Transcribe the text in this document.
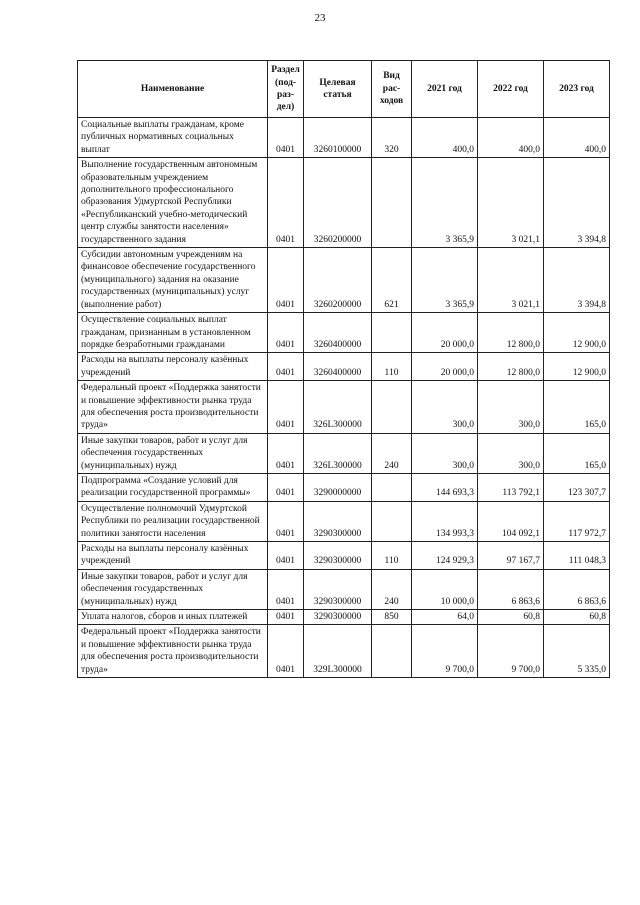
23
Наименование	Раздел (под-раз-дел)	Целевая статья	Вид рас-ходов	2021 год	2022 год	2023 год
Социальные выплаты гражданам, кроме публичных нормативных социальных выплат	0401	3260100000	320	400,0	400,0	400,0
Выполнение государственным автономным образовательным учреждением дополнительного профессионального образования Удмуртской Республики «Республиканский учебно-методический центр службы занятости населения» государственного задания	0401	3260200000		3 365,9	3 021,1	3 394,8
Субсидии автономным учреждениям на финансовое обеспечение государственного (муниципального) задания на оказание государственных (муниципальных) услуг (выполнение работ)	0401	3260200000	621	3 365,9	3 021,1	3 394,8
Осуществление социальных выплат гражданам, признанным в установленном порядке безработными гражданами	0401	3260400000		20 000,0	12 800,0	12 900,0
Расходы на выплаты персоналу казённых учреждений	0401	3260400000	110	20 000,0	12 800,0	12 900,0
Федеральный проект «Поддержка занятости и повышение эффективности рынка труда для обеспечения роста производительности труда»	0401	326L300000		300,0	300,0	165,0
Иные закупки товаров, работ и услуг для обеспечения государственных (муниципальных) нужд	0401	326L300000	240	300,0	300,0	165,0
Подпрограмма «Создание условий для реализации государственной программы»	0401	3290000000		144 693,3	113 792,1	123 307,7
Осуществление полномочий Удмуртской Республики по реализации государственной политики занятости населения	0401	3290300000		134 993,3	104 092,1	117 972,7
Расходы на выплаты персоналу казённых учреждений	0401	3290300000	110	124 929,3	97 167,7	111 048,3
Иные закупки товаров, работ и услуг для обеспечения государственных (муниципальных) нужд	0401	3290300000	240	10 000,0	6 863,6	6 863,6
Уплата налогов, сборов и иных платежей	0401	3290300000	850	64,0	60,8	60,8
Федеральный проект «Поддержка занятости и повышение эффективности рынка труда для обеспечения роста производительности труда»	0401	329L300000		9 700,0	9 700,0	5 335,0
